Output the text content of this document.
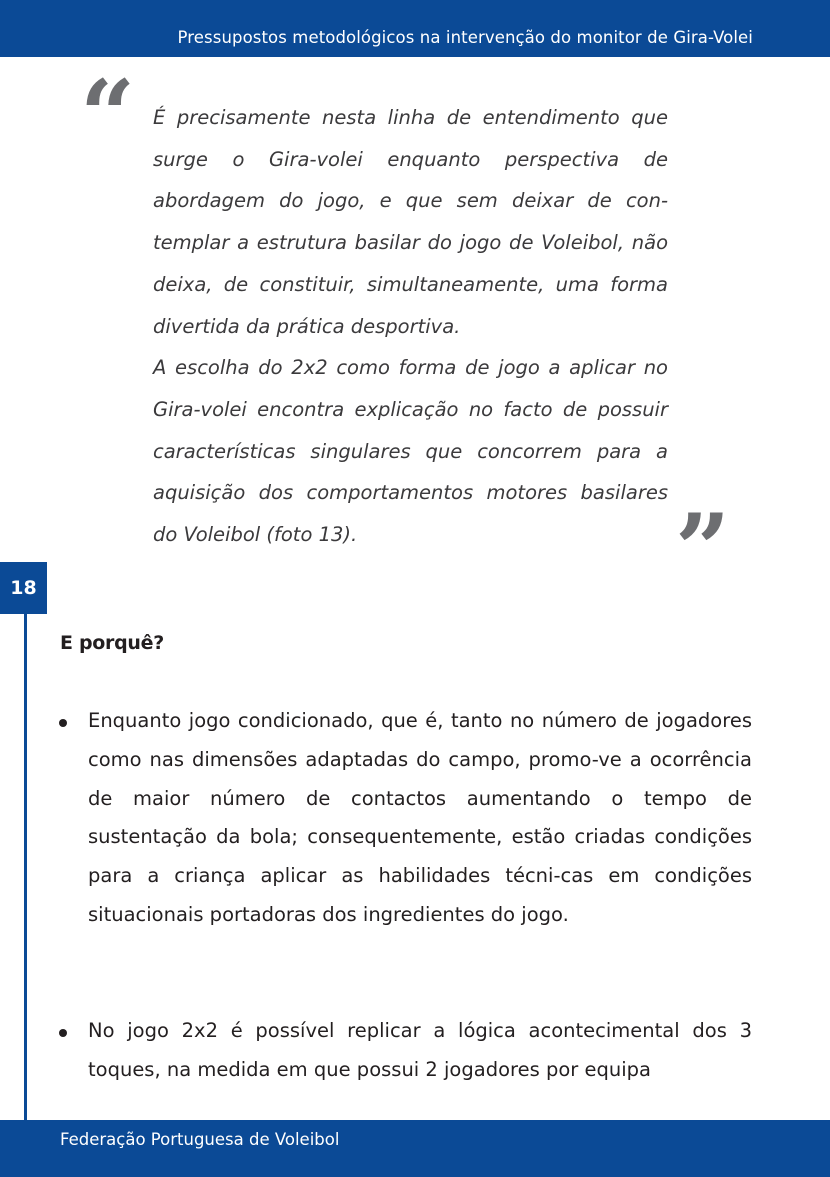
Pressupostos metodológicos na intervenção do monitor de Gira-Volei
“ É precisamente nesta linha de entendimento que surge o Gira-volei enquanto perspectiva de abordagem do jogo, e que sem deixar de con-templar a estrutura basilar do jogo de Voleibol, não deixa, de constituir, simultaneamente, uma forma divertida da prática desportiva.

A escolha do 2x2 como forma de jogo a aplicar no Gira-volei encontra explicação no facto de possuir características singulares que concorrem para a aquisição dos comportamentos motores basilares do Voleibol (foto 13).	”
18
E porquê?
Enquanto jogo condicionado, que é, tanto no número de jogadores como nas dimensões adaptadas do campo, promo-ve a ocorrência de maior número de contactos aumentando o tempo de sustentação da bola; consequentemente, estão criadas condições para a criança aplicar as habilidades técni-cas em condições situacionais portadoras dos ingredientes do jogo.
No jogo 2x2 é possível replicar a lógica acontecimental dos 3 toques, na medida em que possui 2 jogadores por equipa
Federação Portuguesa de Voleibol
